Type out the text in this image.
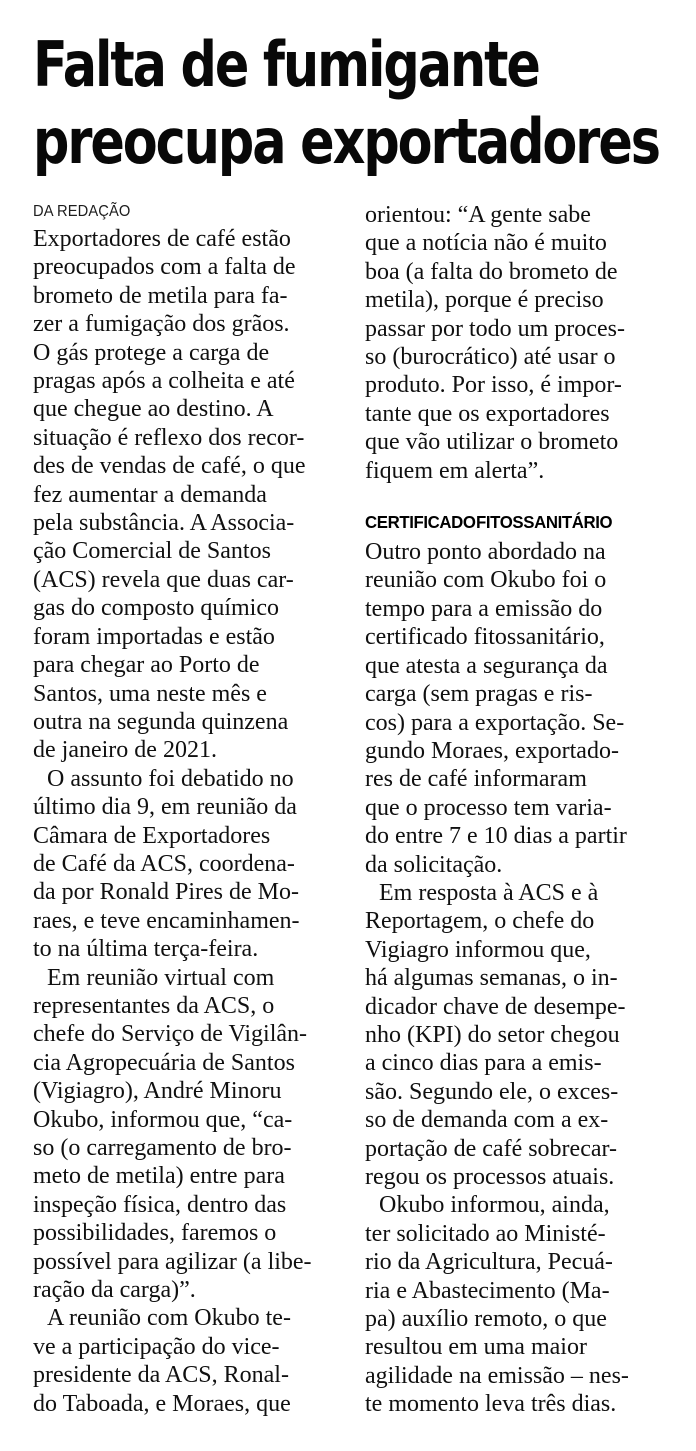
Falta de fumigante
preocupa exportadores
DA REDAÇÃO
Exportadores de café estão
preocupados com a falta de
brometo de metila para fa-
zer a fumigação dos grãos.
O gás protege a carga de
pragas após a colheita e até
que chegue ao destino. A
situação é reflexo dos recor-
des de vendas de café, o que
fez aumentar a demanda
pela substância. A Associa-
ção Comercial de Santos
(ACS) revela que duas car-
gas do composto químico
foram importadas e estão
para chegar ao Porto de
Santos, uma neste mês e
outra na segunda quinzena
de janeiro de 2021.
O assunto foi debatido no
último dia 9, em reunião da
Câmara de Exportadores
de Café da ACS, coordena-
da por Ronald Pires de Mo-
raes, e teve encaminhamen-
to na última terça-feira.
Em reunião virtual com
representantes da ACS, o
chefe do Serviço de Vigilân-
cia Agropecuária de Santos
(Vigiagro), André Minoru
Okubo, informou que, “ca-
so (o carregamento de bro-
meto de metila) entre para
inspeção física, dentro das
possibilidades, faremos o
possível para agilizar (a libe-
ração da carga)”.
A reunião com Okubo te-
ve a participação do vice-
presidente da ACS, Ronal-
do Taboada, e Moraes, que
orientou: “A gente sabe
que a notícia não é muito
boa (a falta do brometo de
metila), porque é preciso
passar por todo um proces-
so (burocrático) até usar o
produto. Por isso, é impor-
tante que os exportadores
que vão utilizar o brometo
fiquem em alerta”.
CERTIFICADO FITOSSANITÁRIO
Outro ponto abordado na
reunião com Okubo foi o
tempo para a emissão do
certificado fitossanitário,
que atesta a segurança da
carga (sem pragas e ris-
cos) para a exportação. Se-
gundo Moraes, exportado-
res de café informaram
que o processo tem varia-
do entre 7 e 10 dias a partir
da solicitação.
Em resposta à ACS e à
Reportagem, o chefe do
Vigiagro informou que,
há algumas semanas, o in-
dicador chave de desempe-
nho (KPI) do setor chegou
a cinco dias para a emis-
são. Segundo ele, o exces-
so de demanda com a ex-
portação de café sobrecar-
regou os processos atuais.
Okubo informou, ainda,
ter solicitado ao Ministé-
rio da Agricultura, Pecuá-
ria e Abastecimento (Ma-
pa) auxílio remoto, o que
resultou em uma maior
agilidade na emissão – nes-
te momento leva três dias.
